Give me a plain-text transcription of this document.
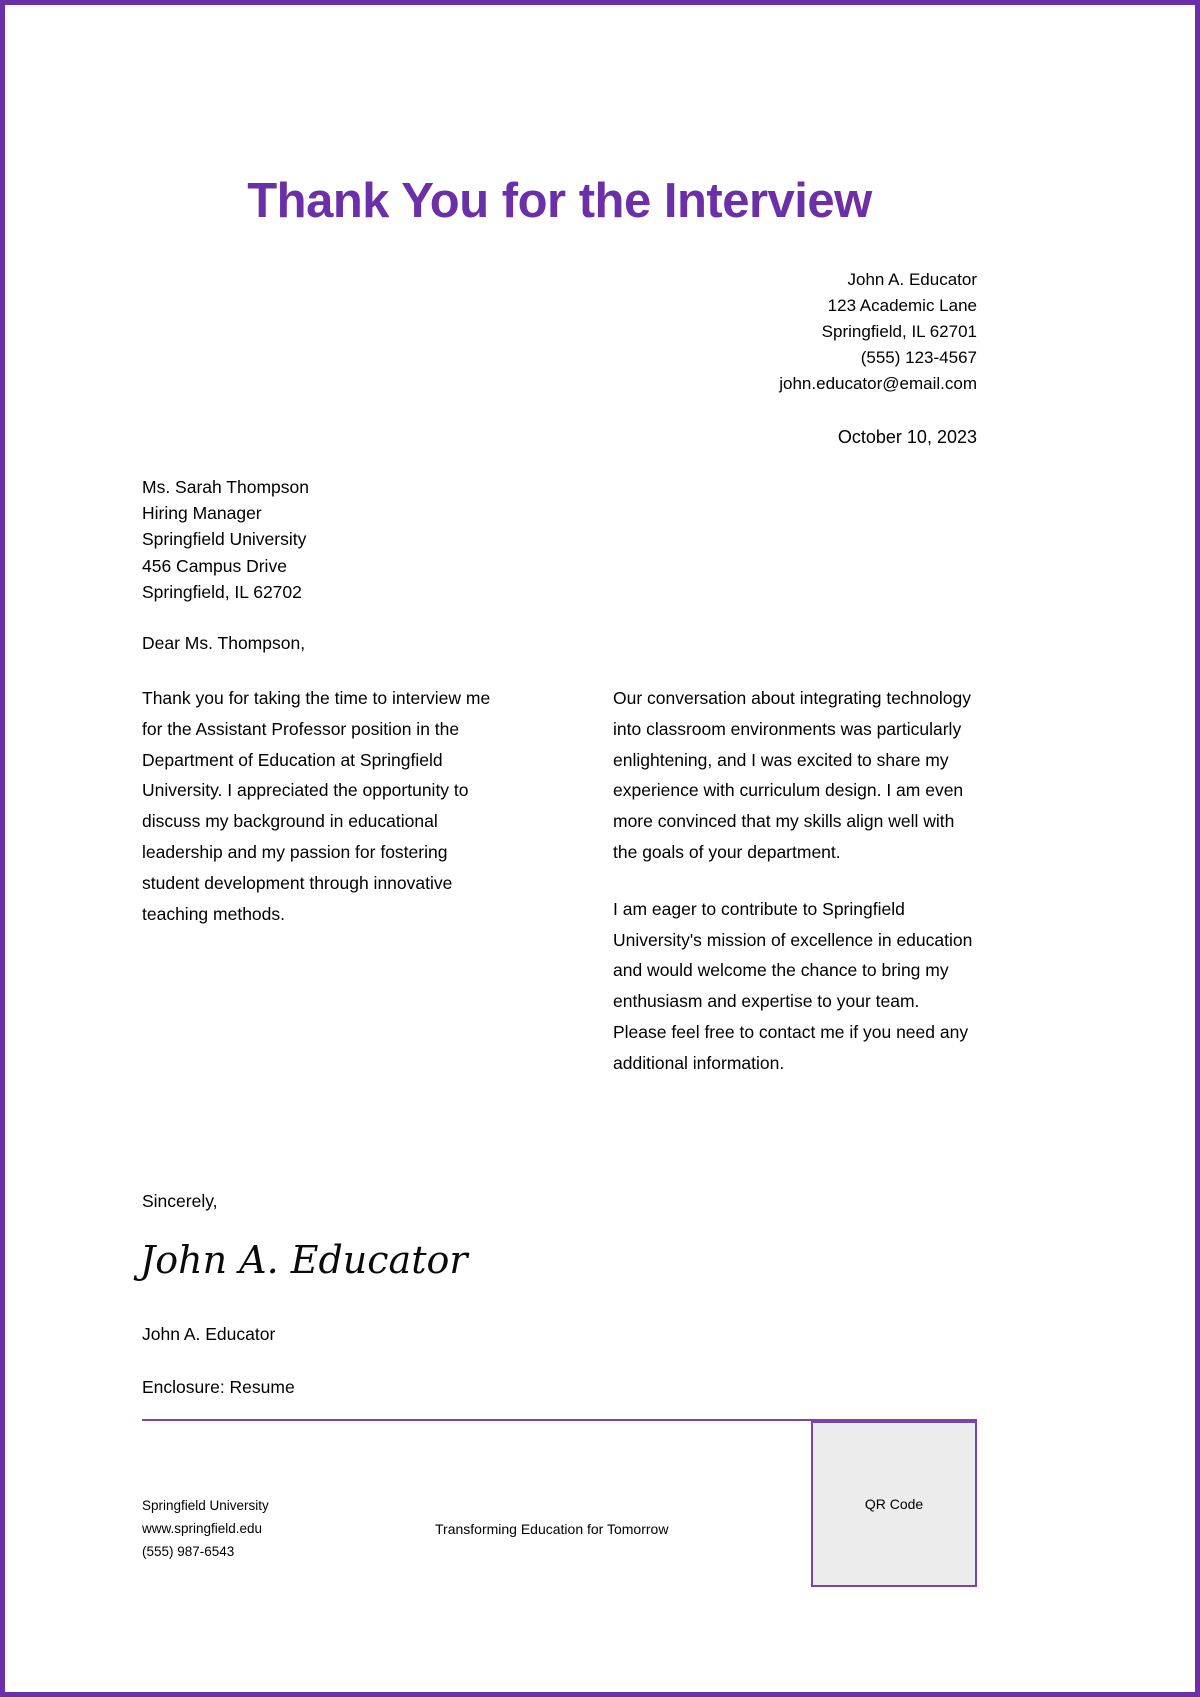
Thank You for the Interview
John A. Educator
123 Academic Lane
Springfield, IL 62701
(555) 123-4567
john.educator@email.com
October 10, 2023
Ms. Sarah Thompson
Hiring Manager
Springfield University
456 Campus Drive
Springfield, IL 62702
Dear Ms. Thompson,

Thank you for taking the time to interview me for the Assistant Professor position in the Department of Education at Springfield University. I appreciated the opportunity to discuss my background in educational leadership and my passion for fostering student development through innovative teaching methods.

Our conversation about integrating technology into classroom environments was particularly enlightening, and I was excited to share my experience with curriculum design. I am even more convinced that my skills align well with the goals of your department.

I am eager to contribute to Springfield University's mission of excellence in education and would welcome the chance to bring my enthusiasm and expertise to your team. Please feel free to contact me if you need any additional information.

Sincerely,
John A. Educator
John A. Educator
Enclosure: Resume
Springfield University
www.springfield.edu
(555) 987-6543
Transforming Education for Tomorrow
QR Code
